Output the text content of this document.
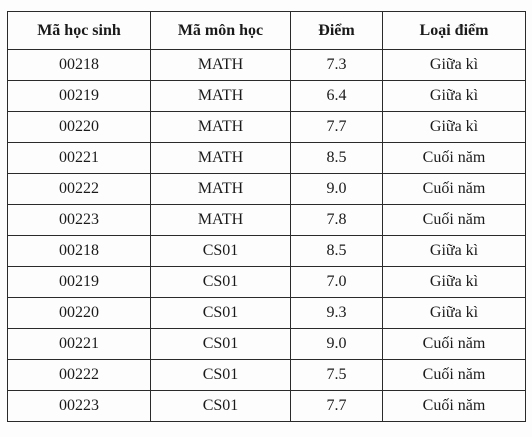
Mã học sinh	Mã môn học	Điểm	Loại điểm
00218	MATH	7.3	Giữa kì
00219	MATH	6.4	Giữa kì
00220	MATH	7.7	Giữa kì
00221	MATH	8.5	Cuối năm
00222	MATH	9.0	Cuối năm
00223	MATH	7.8	Cuối năm
00218	CS01	8.5	Giữa kì
00219	CS01	7.0	Giữa kì
00220	CS01	9.3	Giữa kì
00221	CS01	9.0	Cuối năm
00222	CS01	7.5	Cuối năm
00223	CS01	7.7	Cuối năm
